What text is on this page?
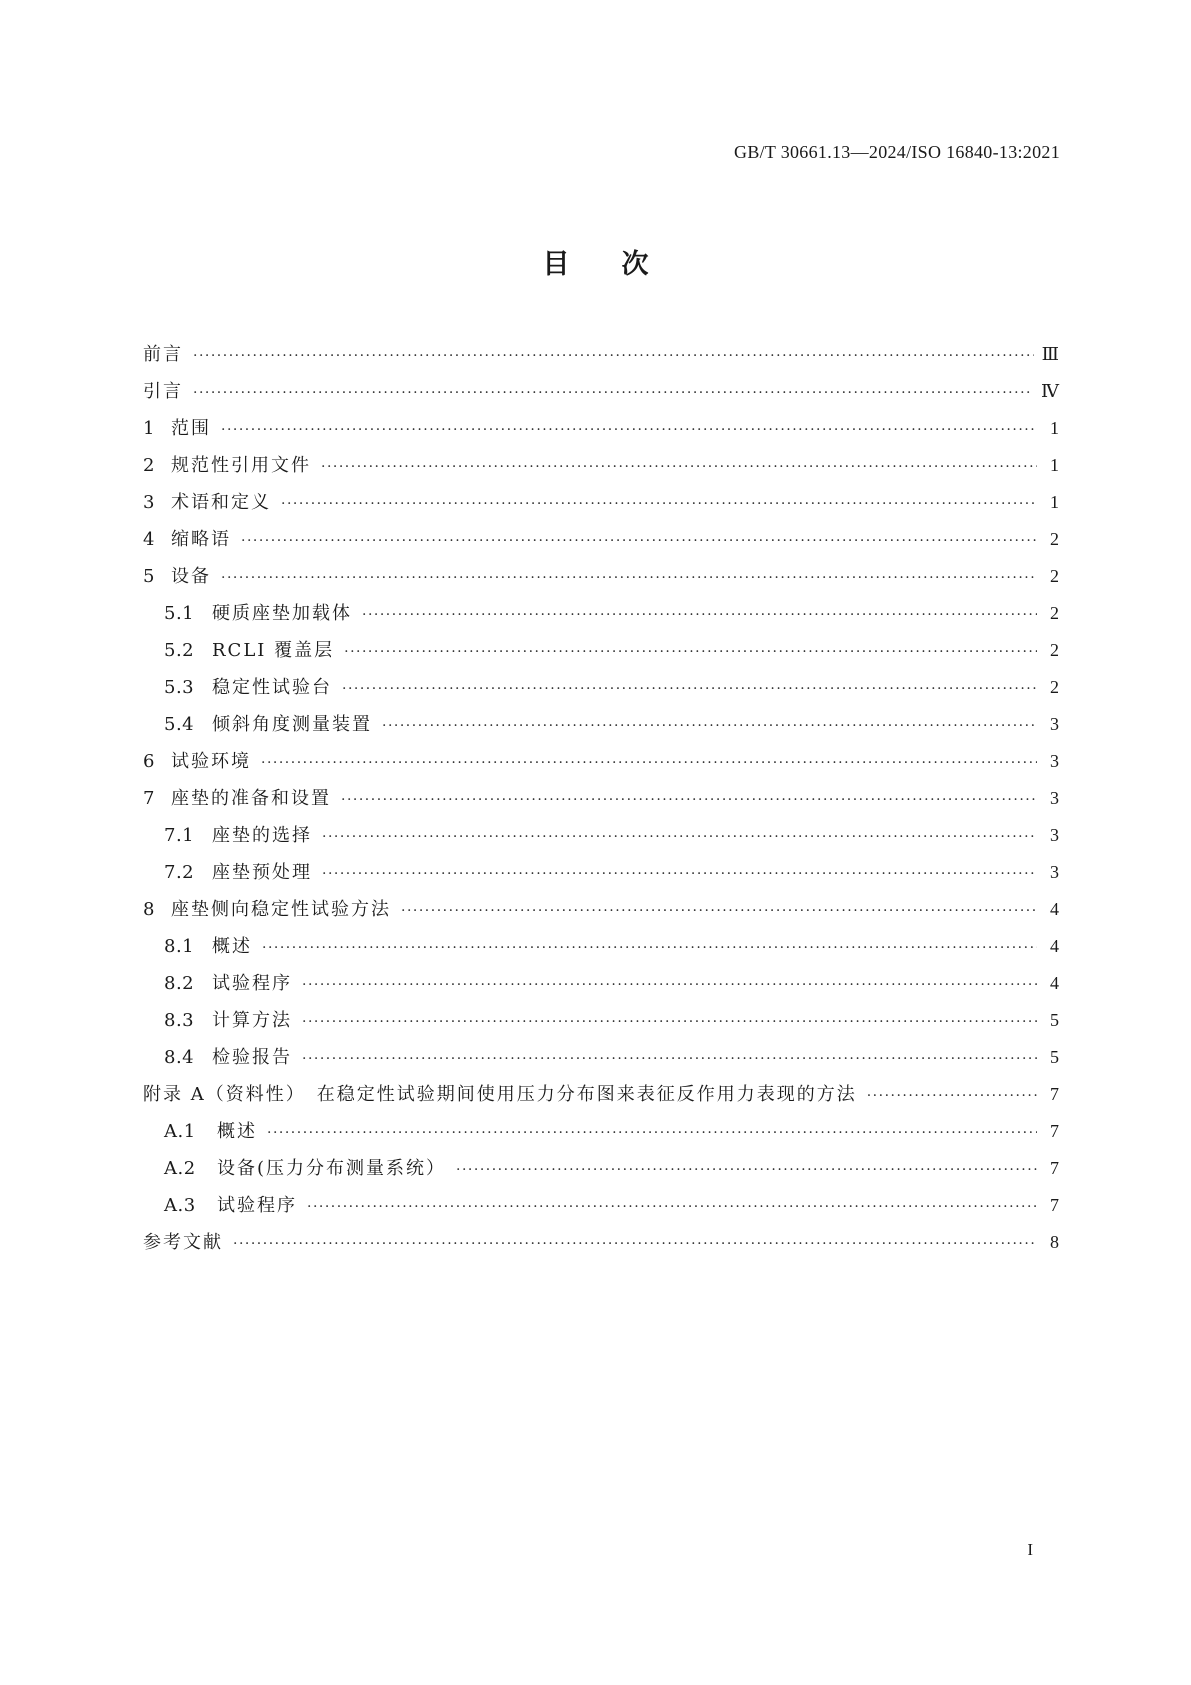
GB/T 30661.13—2024/ISO 16840-13:2021
目次
前言 ·····	Ⅲ
引言 ·····	Ⅳ
1 范围 ·····	1
2 规范性引用文件 ·····	1
3 术语和定义 ·····	1
4 缩略语 ·····	2
5 设备 ·····	2
5.1 硬质座垫加载体 ·····	2
5.2 RCLI 覆盖层 ·····	2
5.3 稳定性试验台 ·····	2
5.4 倾斜角度测量装置 ·····	3
6 试验环境 ·····	3
7 座垫的准备和设置 ·····	3
7.1 座垫的选择 ·····	3
7.2 座垫预处理 ·····	3
8 座垫侧向稳定性试验方法 ·····	4
8.1 概述 ·····	4
8.2 试验程序 ·····	4
8.3 计算方法 ·····	5
8.4 检验报告 ·····	5
附录 A（资料性）　在稳定性试验期间使用压力分布图来表征反作用力表现的方法 ·····	7
A.1	概述 ·····	7
A.2	设备(压力分布测量系统） ·····	7
A.3	试验程序 ·····	7
参考文献 ·····	8
I
